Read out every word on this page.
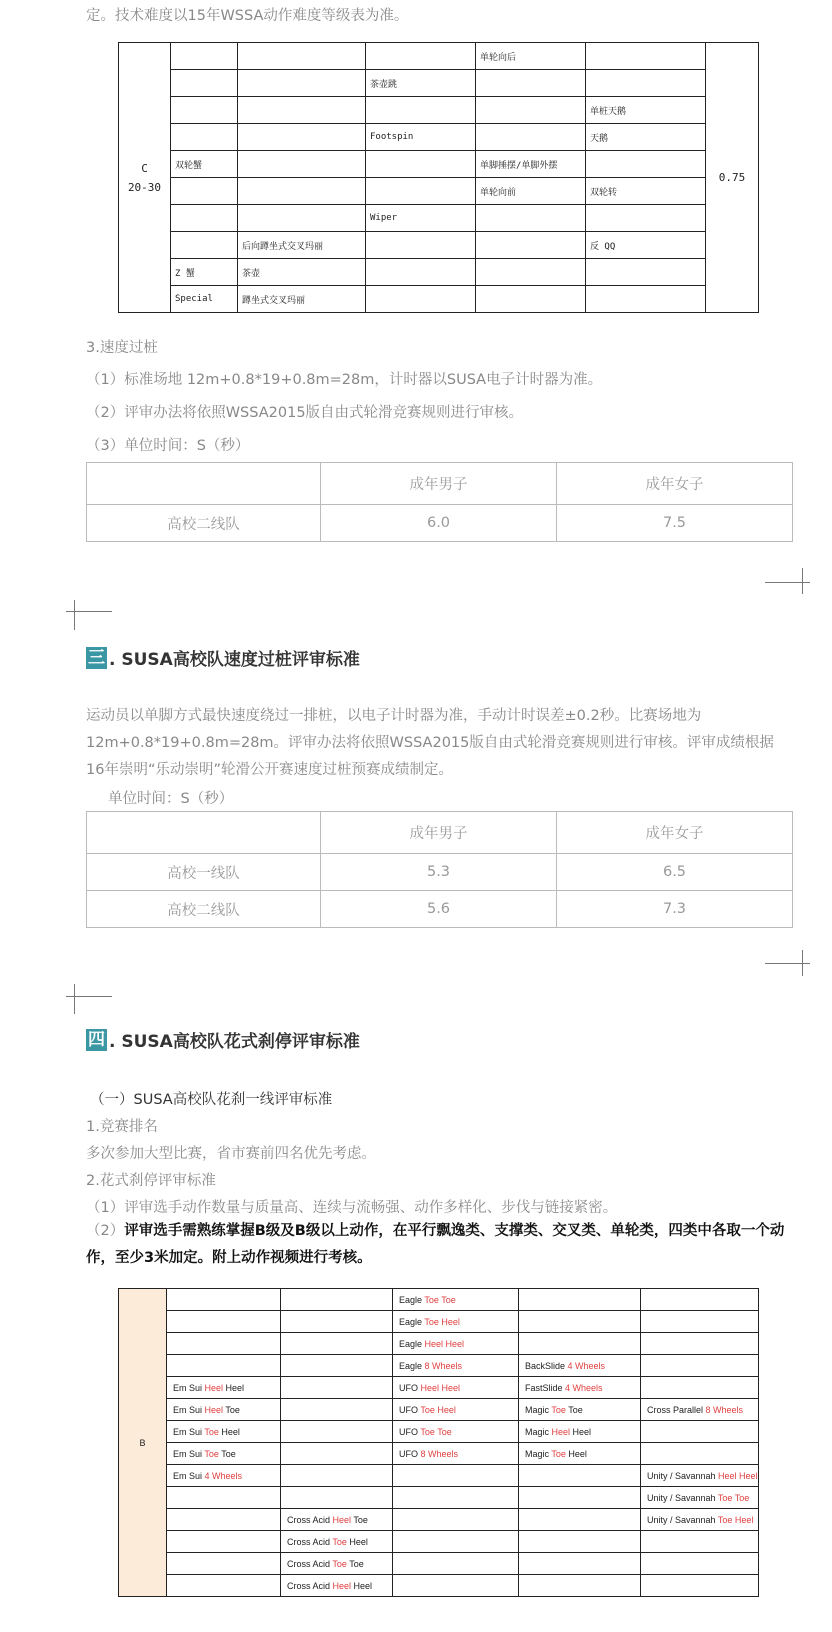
定。技术难度以15年WSSA动作难度等级表为准。
C
20-30				单轮向后		0.75
			茶壶跳			
					单桩天鹅	
			Footspin		天鹅	
	双轮蟹			单脚捶摆/单脚外摆		
				单轮向前	双轮转	
			Wiper			
		后向蹲坐式交叉玛丽			反 QQ	
	Z 蟹	茶壶				
	Special	蹲坐式交叉玛丽				
3.速度过桩
（1）标准场地 12m+0.8*19+0.8m=28m，计时器以SUSA电子计时器为准。
（2）评审办法将依照WSSA2015版自由式轮滑竞赛规则进行审核。
（3）单位时间：S（秒）
	成年男子	成年女子
高校二线队	6.0	7.5
三 . SUSA高校队速度过桩评审标准
运动员以单脚方式最快速度绕过一排桩，以电子计时器为准，手动计时误差±0.2秒。比赛场地为12m+0.8*19+0.8m=28m。评审办法将依照WSSA2015版自由式轮滑竞赛规则进行审核。评审成绩根据16年崇明“乐动崇明”轮滑公开赛速度过桩预赛成绩制定。
单位时间：S（秒）
	成年男子	成年女子
高校一线队	5.3	6.5
高校二线队	5.6	7.3
四 . SUSA高校队花式刹停评审标准
（一）SUSA高校队花刹一线评审标准
1.竞赛排名
多次参加大型比赛，省市赛前四名优先考虑。
2.花式刹停评审标准
（1）评审选手动作数量与质量高、连续与流畅强、动作多样化、步伐与链接紧密。
（2）评审选手需熟练掌握B级及B级以上动作，在平行飘逸类、支撑类、交叉类、单轮类，四类中各取一个动作，至少3米加定。附上动作视频进行考核。
B			Eagle Toe Toe		
			Eagle Toe Heel		
			Eagle Heel Heel		
			Eagle 8 Wheels	BackSlide 4 Wheels	
	Em Sui Heel Heel		UFO Heel Heel	FastSlide 4 Wheels	
	Em Sui Heel Toe		UFO Toe Heel	Magic Toe Toe	Cross Parallel 8 Wheels
	Em Sui Toe Heel		UFO Toe Toe	Magic Heel Heel	
	Em Sui Toe Toe		UFO 8 Wheels	Magic Toe Heel	
	Em Sui 4 Wheels				Unity / Savannah Heel Heel
					Unity / Savannah Toe Toe
		Cross Acid Heel Toe			Unity / Savannah Toe Heel
		Cross Acid Toe Heel			
		Cross Acid Toe Toe			
		Cross Acid Heel Heel			
